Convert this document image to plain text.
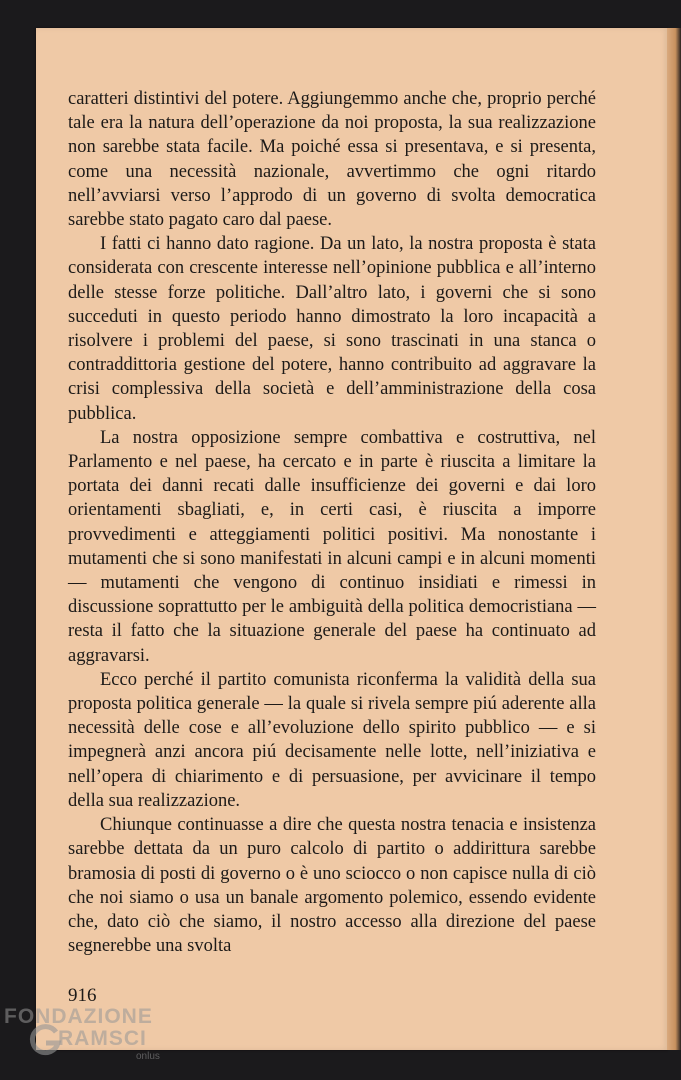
caratteri distintivi del potere. Aggiungemmo anche che, proprio perché tale era la natura dell’operazione da noi proposta, la sua realizzazione non sarebbe stata facile. Ma poiché essa si presentava, e si presenta, come una necessità nazionale, avvertimmo che ogni ritardo nell’avviarsi verso l’approdo di un governo di svolta democratica sarebbe stato pagato caro dal paese.

I fatti ci hanno dato ragione. Da un lato, la nostra proposta è stata considerata con crescente interesse nell’opinione pubblica e all’interno delle stesse forze politiche. Dall’altro lato, i governi che si sono succeduti in questo periodo hanno dimostrato la loro incapacità a risolvere i problemi del paese, si sono trascinati in una stanca o contraddittoria gestione del potere, hanno contribuito ad aggravare la crisi complessiva della società e dell’amministrazione della cosa pubblica.

La nostra opposizione sempre combattiva e costruttiva, nel Parlamento e nel paese, ha cercato e in parte è riuscita a limitare la portata dei danni recati dalle insufficienze dei governi e dai loro orientamenti sbagliati, e, in certi casi, è riuscita a imporre provvedimenti e atteggiamenti politici positivi. Ma nonostante i mutamenti che si sono manifestati in alcuni campi e in alcuni momenti — mutamenti che vengono di continuo insidiati e rimessi in discussione soprattutto per le ambiguità della politica democristiana — resta il fatto che la situazione generale del paese ha continuato ad aggravarsi.

Ecco perché il partito comunista riconferma la validità della sua proposta politica generale — la quale si rivela sempre piú aderente alla necessità delle cose e all’evoluzione dello spirito pubblico — e si impegnerà anzi ancora piú decisamente nelle lotte, nell’iniziativa e nell’opera di chiarimento e di persuasione, per avvicinare il tempo della sua realizzazione.

Chiunque continuasse a dire che questa nostra tenacia e insistenza sarebbe dettata da un puro calcolo di partito o addirittura sarebbe bramosia di posti di governo o è uno sciocco o non capisce nulla di ciò che noi siamo o usa un banale argomento polemico, essendo evidente che, dato ciò che siamo, il nostro accesso alla direzione del paese segnerebbe una svolta

916
FONDAZIONE
RAMSCI
onlus
